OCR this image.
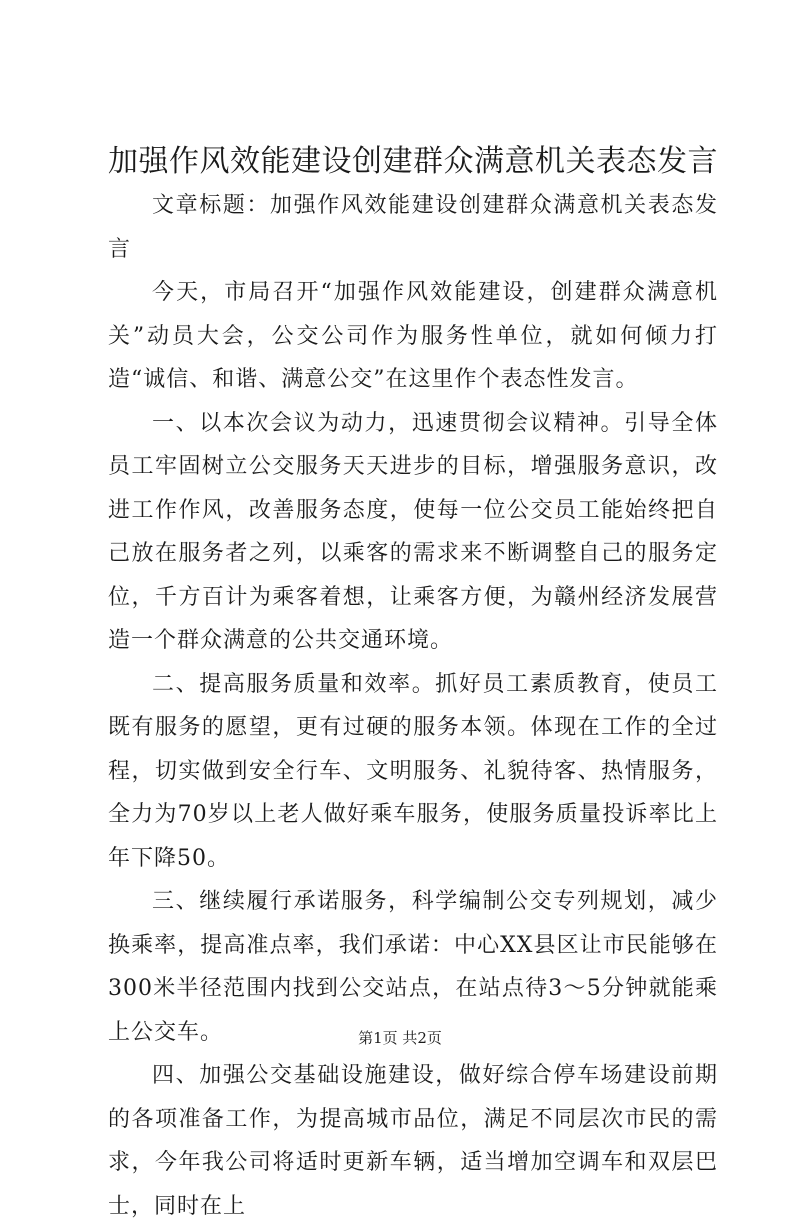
加强作风效能建设创建群众满意机关表态发言

文章标题：加强作风效能建设创建群众满意机关表态发言

今天，市局召开“加强作风效能建设，创建群众满意机关”动员大会，公交公司作为服务性单位，就如何倾力打造“诚信、和谐、满意公交”在这里作个表态性发言。

一、以本次会议为动力，迅速贯彻会议精神。引导全体员工牢固树立公交服务天天进步的目标，增强服务意识，改进工作作风，改善服务态度，使每一位公交员工能始终把自己放在服务者之列，以乘客的需求来不断调整自己的服务定位，千方百计为乘客着想，让乘客方便，为赣州经济发展营造一个群众满意的公共交通环境。

二、提高服务质量和效率。抓好员工素质教育，使员工既有服务的愿望，更有过硬的服务本领。体现在工作的全过程，切实做到安全行车、文明服务、礼貌待客、热情服务，全力为70岁以上老人做好乘车服务，使服务质量投诉率比上年下降50。

三、继续履行承诺服务，科学编制公交专列规划，减少换乘率，提高准点率，我们承诺：中心XX县区让市民能够在300米半径范围内找到公交站点，在站点待3～5分钟就能乘上公交车。

四、加强公交基础设施建设，做好综合停车场建设前期的各项准备工作，为提高城市品位，满足不同层次市民的需求，今年我公司将适时更新车辆，适当增加空调车和双层巴士，同时在上

第1页 共2页
